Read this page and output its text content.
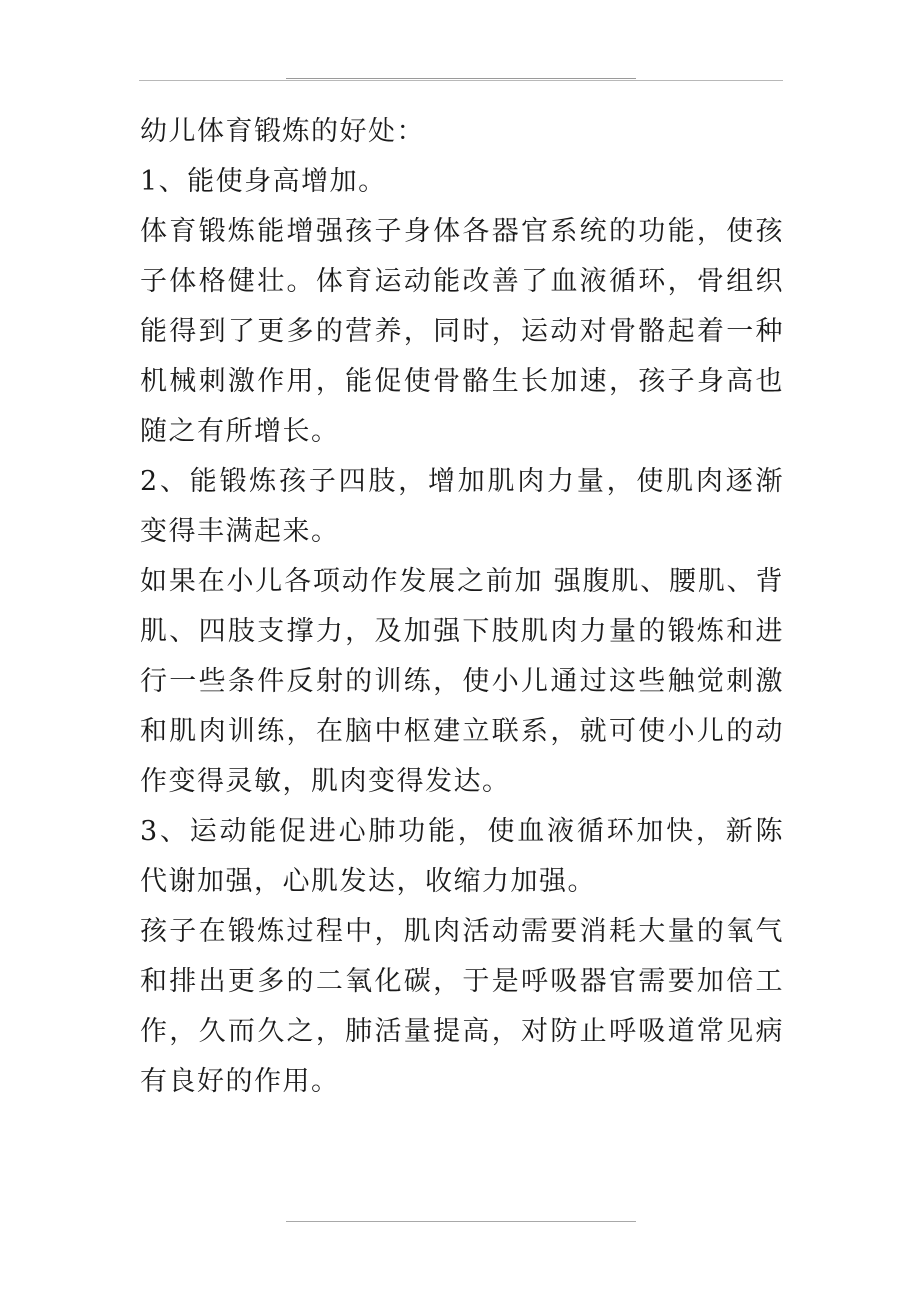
幼儿体育锻炼的好处：

1、能使身高增加。

体育锻炼能增强孩子身体各器官系统的功能，使孩子体格健壮。体育运动能改善了血液循环，骨组织能得到了更多的营养，同时，运动对骨骼起着一种机械刺激作用，能促使骨骼生长加速，孩子身高也随之有所增长。

2、能锻炼孩子四肢，增加肌肉力量，使肌肉逐渐变得丰满起来。

如果在小儿各项动作发展之前加 强腹肌、腰肌、背肌、四肢支撑力，及加强下肢肌肉力量的锻炼和进行一些条件反射的训练，使小儿通过这些触觉刺激和肌肉训练，在脑中枢建立联系，就可使小儿的动作变得灵敏，肌肉变得发达。

3、运动能促进心肺功能，使血液循环加快，新陈代谢加强，心肌发达，收缩力加强。

孩子在锻炼过程中，肌肉活动需要消耗大量的氧气和排出更多的二氧化碳，于是呼吸器官需要加倍工作，久而久之，肺活量提高，对防止呼吸道常见病有良好的作用。
